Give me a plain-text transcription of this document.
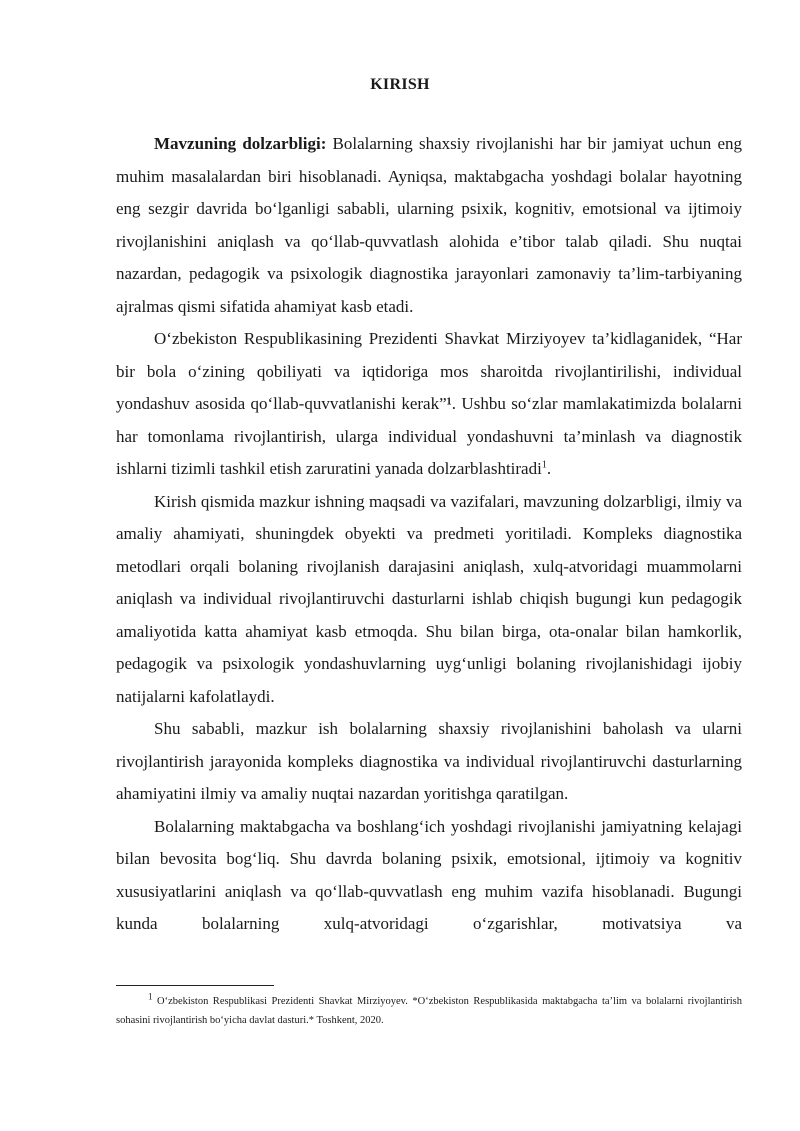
KIRISH

Mavzuning dolzarbligi: Bolalarning shaxsiy rivojlanishi har bir jamiyat uchun eng muhim masalalardan biri hisoblanadi. Ayniqsa, maktabgacha yoshdagi bolalar hayotning eng sezgir davrida bo‘lganligi sababli, ularning psixik, kognitiv, emotsional va ijtimoiy rivojlanishini aniqlash va qo‘llab-quvvatlash alohida e’tibor talab qiladi. Shu nuqtai nazardan, pedagogik va psixologik diagnostika jarayonlari zamonaviy ta’lim-tarbiyaning ajralmas qismi sifatida ahamiyat kasb etadi.

O‘zbekiston Respublikasining Prezidenti Shavkat Mirziyoyev ta’kidlaganidek, “Har bir bola o‘zining qobiliyati va iqtidoriga mos sharoitda rivojlantirilishi, individual yondashuv asosida qo‘llab-quvvatlanishi kerak”¹. Ushbu so‘zlar mamlakatimizda bolalarni har tomonlama rivojlantirish, ularga individual yondashuvni ta’minlash va diagnostik ishlarni tizimli tashkil etish zaruratini yanada dolzarblashtiradi$^1$.

Kirish qismida mazkur ishning maqsadi va vazifalari, mavzuning dolzarbligi, ilmiy va amaliy ahamiyati, shuningdek obyekti va predmeti yoritiladi. Kompleks diagnostika metodlari orqali bolaning rivojlanish darajasini aniqlash, xulq-atvoridagi muammolarni aniqlash va individual rivojlantiruvchi dasturlarni ishlab chiqish bugungi kun pedagogik amaliyotida katta ahamiyat kasb etmoqda. Shu bilan birga, ota-onalar bilan hamkorlik, pedagogik va psixologik yondashuvlarning uyg‘unligi bolaning rivojlanishidagi ijobiy natijalarni kafolatlaydi.

Shu sababli, mazkur ish bolalarning shaxsiy rivojlanishini baholash va ularni rivojlantirish jarayonida kompleks diagnostika va individual rivojlantiruvchi dasturlarning ahamiyatini ilmiy va amaliy nuqtai nazardan yoritishga qaratilgan.

Bolalarning maktabgacha va boshlang‘ich yoshdagi rivojlanishi jamiyatning kelajagi bilan bevosita bog‘liq. Shu davrda bolaning psixik, emotsional, ijtimoiy va kognitiv xususiyatlarini aniqlash va qo‘llab-quvvatlash eng muhim vazifa hisoblanadi. Bugungi kunda bolalarning xulq-atvoridagi o‘zgarishlar, motivatsiya va

$^1$ O‘zbekiston Respublikasi Prezidenti Shavkat Mirziyoyev. *O‘zbekiston Respublikasida maktabgacha ta’lim va bolalarni rivojlantirish sohasini rivojlantirish bo‘yicha davlat dasturi.* Toshkent, 2020.
